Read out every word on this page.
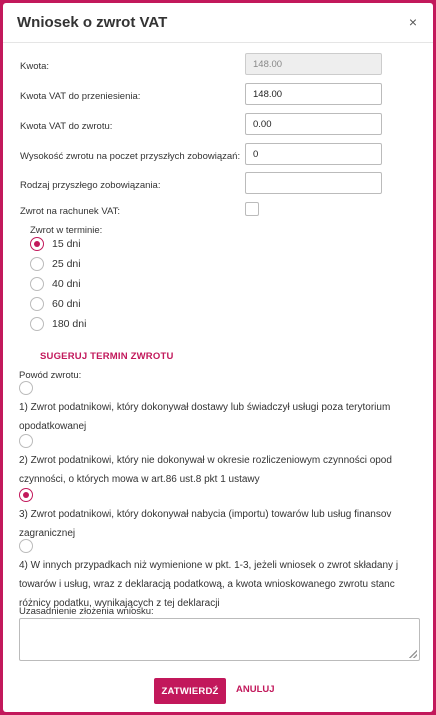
Wniosek o zwrot VAT	×
Kwota:
148.00
Kwota VAT do przeniesienia:
148.00
Kwota VAT do zwrotu:
0.00
Wysokość zwrotu na poczet przyszłych zobowiązań:
0
Rodzaj przyszłego zobowiązania:
Zwrot na rachunek VAT:
Zwrot w terminie:
15 dni
25 dni
40 dni
60 dni
180 dni
SUGERUJ TERMIN ZWROTU
Powód zwrotu:
1) Zwrot podatnikowi, który dokonywał dostawy lub świadczył usługi poza terytorium
opodatkowanej
2) Zwrot podatnikowi, który nie dokonywał w okresie rozliczeniowym czynności opod
czynności, o których mowa w art.86 ust.8 pkt 1 ustawy
3) Zwrot podatnikowi, który dokonywał nabycia (importu) towarów lub usług finansov
zagranicznej
4) W innych przypadkach niż wymienione w pkt. 1-3, jeżeli wniosek o zwrot składany j
towarów i usług, wraz z deklaracją podatkową, a kwota wnioskowanego zwrotu stanc
różnicy podatku, wynikających z tej deklaracji
Uzasadnienie złożenia wniosku:
ZATWIERDŹ	ANULUJ
